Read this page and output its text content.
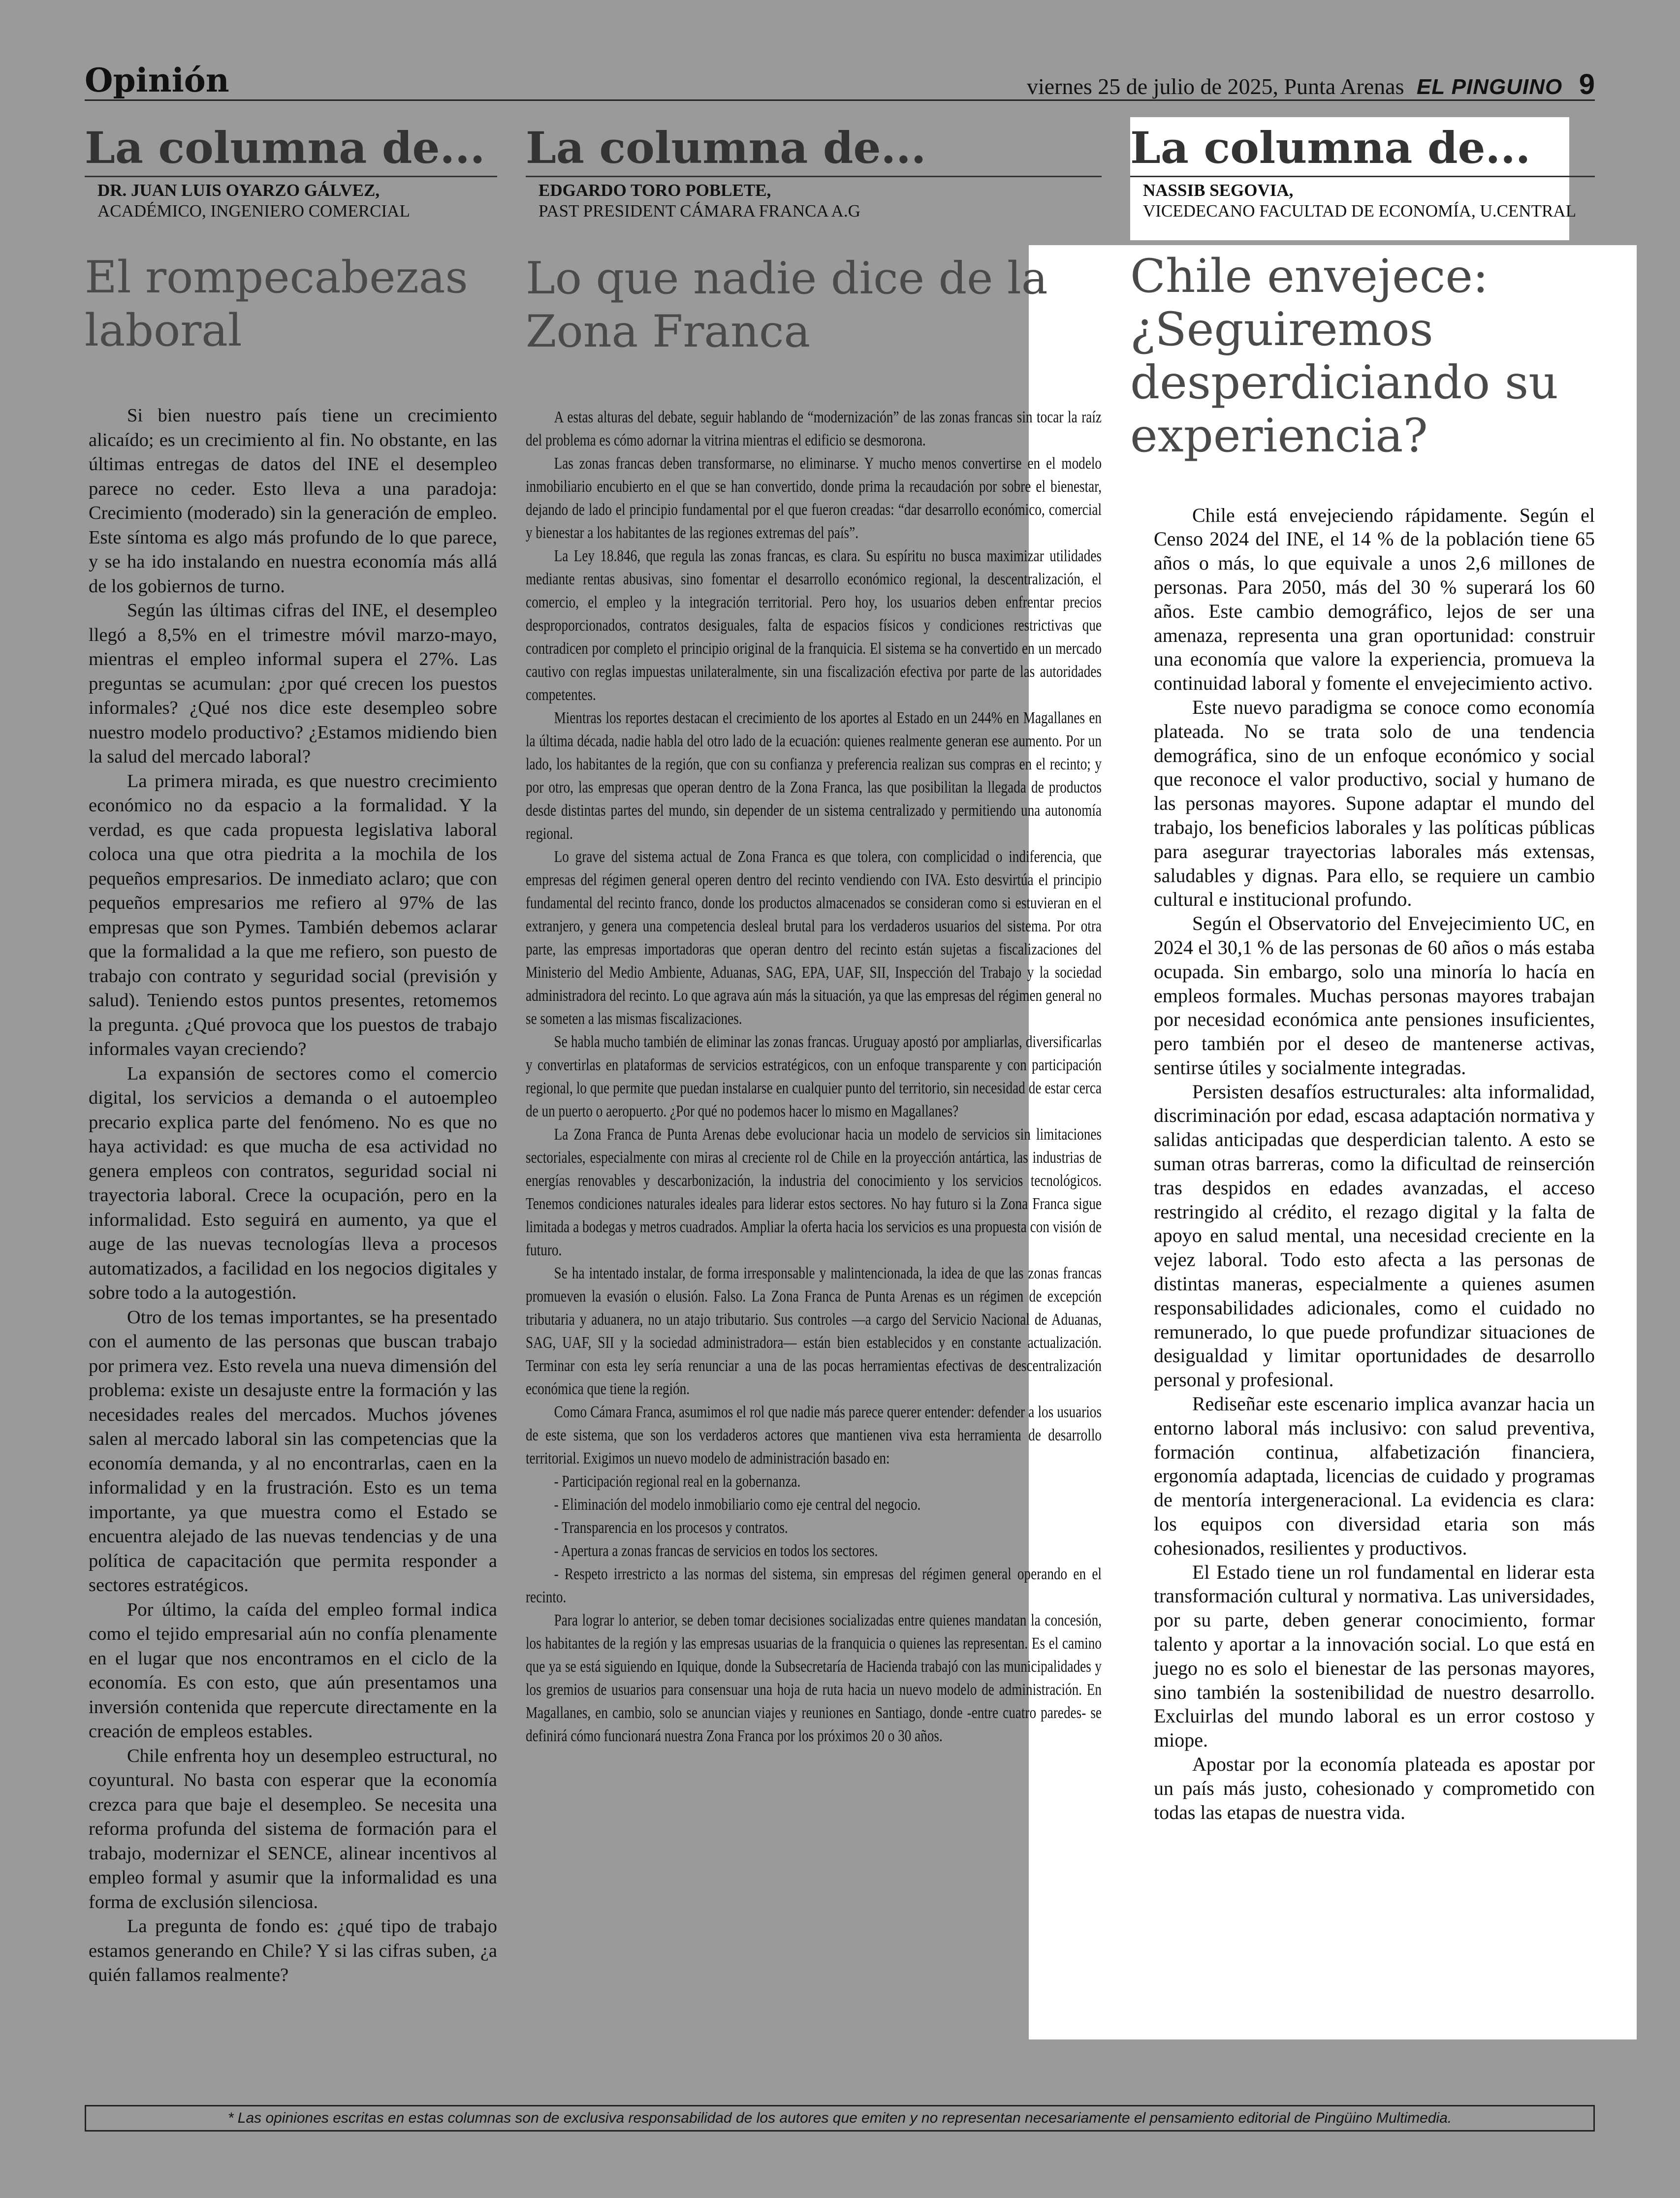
Opinión	viernes 25 de julio de 2025, Punta Arenas EL PINGUINO 9
La columna de...
DR. JUAN LUIS OYARZO GÁLVEZ,
ACADÉMICO, INGENIERO COMERCIAL
El rompecabezas laboral

Si bien nuestro país tiene un crecimiento alicaído; es un crecimiento al fin. No obstante, en las últimas entregas de datos del INE el desempleo parece no ceder. Esto lleva a una paradoja: Crecimiento (moderado) sin la generación de empleo. Este síntoma es algo más profundo de lo que parece, y se ha ido instalando en nuestra economía más allá de los gobiernos de turno.

Según las últimas cifras del INE, el desempleo llegó a 8,5% en el trimestre móvil marzo-mayo, mientras el empleo informal supera el 27%. Las preguntas se acumulan: ¿por qué crecen los puestos informales? ¿Qué nos dice este desempleo sobre nuestro modelo productivo? ¿Estamos midiendo bien la salud del mercado laboral?

La primera mirada, es que nuestro crecimiento económico no da espacio a la formalidad. Y la verdad, es que cada propuesta legislativa laboral coloca una que otra piedrita a la mochila de los pequeños empresarios. De inmediato aclaro; que con pequeños empresarios me refiero al 97% de las empresas que son Pymes. También debemos aclarar que la formalidad a la que me refiero, son puesto de trabajo con contrato y seguridad social (previsión y salud). Teniendo estos puntos presentes, retomemos la pregunta. ¿Qué provoca que los puestos de trabajo informales vayan creciendo?

La expansión de sectores como el comercio digital, los servicios a demanda o el autoempleo precario explica parte del fenómeno. No es que no haya actividad: es que mucha de esa actividad no genera empleos con contratos, seguridad social ni trayectoria laboral. Crece la ocupación, pero en la informalidad. Esto seguirá en aumento, ya que el auge de las nuevas tecnologías lleva a procesos automatizados, a facilidad en los negocios digitales y sobre todo a la autogestión.

Otro de los temas importantes, se ha presentado con el aumento de las personas que buscan trabajo por primera vez. Esto revela una nueva dimensión del problema: existe un desajuste entre la formación y las necesidades reales del mercados. Muchos jóvenes salen al mercado laboral sin las competencias que la economía demanda, y al no encontrarlas, caen en la informalidad y en la frustración. Esto es un tema importante, ya que muestra como el Estado se encuentra alejado de las nuevas tendencias y de una política de capacitación que permita responder a sectores estratégicos.

Por último, la caída del empleo formal indica como el tejido empresarial aún no confía plenamente en el lugar que nos encontramos en el ciclo de la economía. Es con esto, que aún presentamos una inversión contenida que repercute directamente en la creación de empleos estables.

Chile enfrenta hoy un desempleo estructural, no coyuntural. No basta con esperar que la economía crezca para que baje el desempleo. Se necesita una reforma profunda del sistema de formación para el trabajo, modernizar el SENCE, alinear incentivos al empleo formal y asumir que la informalidad es una forma de exclusión silenciosa.

La pregunta de fondo es: ¿qué tipo de trabajo estamos generando en Chile? Y si las cifras suben, ¿a quién fallamos realmente?

La columna de...
EDGARDO TORO POBLETE,
PAST PRESIDENT CÁMARA FRANCA A.G
Lo que nadie dice de la Zona Franca

A estas alturas del debate, seguir hablando de “modernización” de las zonas francas sin tocar la raíz del problema es cómo adornar la vitrina mientras el edificio se desmorona.

Las zonas francas deben transformarse, no eliminarse. Y mucho menos convertirse en el modelo inmobiliario encubierto en el que se han convertido, donde prima la recaudación por sobre el bienestar, dejando de lado el principio fundamental por el que fueron creadas: “dar desarrollo económico, comercial y bienestar a los habitantes de las regiones extremas del país”.

La Ley 18.846, que regula las zonas francas, es clara. Su espíritu no busca maximizar utilidades mediante rentas abusivas, sino fomentar el desarrollo económico regional, la descentralización, el comercio, el empleo y la integración territorial. Pero hoy, los usuarios deben enfrentar precios desproporcionados, contratos desiguales, falta de espacios físicos y condiciones restrictivas que contradicen por completo el principio original de la franquicia. El sistema se ha convertido en un mercado cautivo con reglas impuestas unilateralmente, sin una fiscalización efectiva por parte de las autoridades competentes.

Mientras los reportes destacan el crecimiento de los aportes al Estado en un 244% en Magallanes en la última década, nadie habla del otro lado de la ecuación: quienes realmente generan ese aumento. Por un lado, los habitantes de la región, que con su confianza y preferencia realizan sus compras en el recinto; y por otro, las empresas que operan dentro de la Zona Franca, las que posibilitan la llegada de productos desde distintas partes del mundo, sin depender de un sistema centralizado y permitiendo una autonomía regional.

Lo grave del sistema actual de Zona Franca es que tolera, con complicidad o indiferencia, que empresas del régimen general operen dentro del recinto vendiendo con IVA. Esto desvirtúa el principio fundamental del recinto franco, donde los productos almacenados se consideran como si estuvieran en el extranjero, y genera una competencia desleal brutal para los verdaderos usuarios del sistema. Por otra parte, las empresas importadoras que operan dentro del recinto están sujetas a fiscalizaciones del Ministerio del Medio Ambiente, Aduanas, SAG, EPA, UAF, SII, Inspección del Trabajo y la sociedad administradora del recinto. Lo que agrava aún más la situación, ya que las empresas del régimen general no se someten a las mismas fiscalizaciones.

Se habla mucho también de eliminar las zonas francas. Uruguay apostó por ampliarlas, diversificarlas y convertirlas en plataformas de servicios estratégicos, con un enfoque transparente y con participación regional, lo que permite que puedan instalarse en cualquier punto del territorio, sin necesidad de estar cerca de un puerto o aeropuerto. ¿Por qué no podemos hacer lo mismo en Magallanes?

La Zona Franca de Punta Arenas debe evolucionar hacia un modelo de servicios sin limitaciones sectoriales, especialmente con miras al creciente rol de Chile en la proyección antártica, las industrias de energías renovables y descarbonización, la industria del conocimiento y los servicios tecnológicos. Tenemos condiciones naturales ideales para liderar estos sectores. No hay futuro si la Zona Franca sigue limitada a bodegas y metros cuadrados. Ampliar la oferta hacia los servicios es una propuesta con visión de futuro.

Se ha intentado instalar, de forma irresponsable y malintencionada, la idea de que las zonas francas promueven la evasión o elusión. Falso. La Zona Franca de Punta Arenas es un régimen de excepción tributaria y aduanera, no un atajo tributario. Sus controles —a cargo del Servicio Nacional de Aduanas, SAG, UAF, SII y la sociedad administradora— están bien establecidos y en constante actualización. Terminar con esta ley sería renunciar a una de las pocas herramientas efectivas de descentralización económica que tiene la región.

Como Cámara Franca, asumimos el rol que nadie más parece querer entender: defender a los usuarios de este sistema, que son los verdaderos actores que mantienen viva esta herramienta de desarrollo territorial. Exigimos un nuevo modelo de administración basado en:

- Participación regional real en la gobernanza.

- Eliminación del modelo inmobiliario como eje central del negocio.

- Transparencia en los procesos y contratos.

- Apertura a zonas francas de servicios en todos los sectores.

- Respeto irrestricto a las normas del sistema, sin empresas del régimen general operando en el recinto.

Para lograr lo anterior, se deben tomar decisiones socializadas entre quienes mandatan la concesión, los habitantes de la región y las empresas usuarias de la franquicia o quienes las representan. Es el camino que ya se está siguiendo en Iquique, donde la Subsecretaría de Hacienda trabajó con las municipalidades y los gremios de usuarios para consensuar una hoja de ruta hacia un nuevo modelo de administración. En Magallanes, en cambio, solo se anuncian viajes y reuniones en Santiago, donde -entre cuatro paredes- se definirá cómo funcionará nuestra Zona Franca por los próximos 20 o 30 años.

La columna de...
NASSIB SEGOVIA,
VICEDECANO FACULTAD DE ECONOMÍA, U.CENTRAL
Chile envejece: ¿Seguiremos desperdiciando su experiencia?

Chile está envejeciendo rápidamente. Según el Censo 2024 del INE, el 14 % de la población tiene 65 años o más, lo que equivale a unos 2,6 millones de personas. Para 2050, más del 30 % superará los 60 años. Este cambio demográfico, lejos de ser una amenaza, representa una gran oportunidad: construir una economía que valore la experiencia, promueva la continuidad laboral y fomente el envejecimiento activo.

Este nuevo paradigma se conoce como economía plateada. No se trata solo de una tendencia demográfica, sino de un enfoque económico y social que reconoce el valor productivo, social y humano de las personas mayores. Supone adaptar el mundo del trabajo, los beneficios laborales y las políticas públicas para asegurar trayectorias laborales más extensas, saludables y dignas. Para ello, se requiere un cambio cultural e institucional profundo.

Según el Observatorio del Envejecimiento UC, en 2024 el 30,1 % de las personas de 60 años o más estaba ocupada. Sin embargo, solo una minoría lo hacía en empleos formales. Muchas personas mayores trabajan por necesidad económica ante pensiones insuficientes, pero también por el deseo de mantenerse activas, sentirse útiles y socialmente integradas.

Persisten desafíos estructurales: alta informalidad, discriminación por edad, escasa adaptación normativa y salidas anticipadas que desperdician talento. A esto se suman otras barreras, como la dificultad de reinserción tras despidos en edades avanzadas, el acceso restringido al crédito, el rezago digital y la falta de apoyo en salud mental, una necesidad creciente en la vejez laboral. Todo esto afecta a las personas de distintas maneras, especialmente a quienes asumen responsabilidades adicionales, como el cuidado no remunerado, lo que puede profundizar situaciones de desigualdad y limitar oportunidades de desarrollo personal y profesional.

Rediseñar este escenario implica avanzar hacia un entorno laboral más inclusivo: con salud preventiva, formación continua, alfabetización financiera, ergonomía adaptada, licencias de cuidado y programas de mentoría intergeneracional. La evidencia es clara: los equipos con diversidad etaria son más cohesionados, resilientes y productivos.

El Estado tiene un rol fundamental en liderar esta transformación cultural y normativa. Las universidades, por su parte, deben generar conocimiento, formar talento y aportar a la innovación social. Lo que está en juego no es solo el bienestar de las personas mayores, sino también la sostenibilidad de nuestro desarrollo. Excluirlas del mundo laboral es un error costoso y miope.

Apostar por la economía plateada es apostar por un país más justo, cohesionado y comprometido con todas las etapas de nuestra vida.

* Las opiniones escritas en estas columnas son de exclusiva responsabilidad de los autores que emiten y no representan necesariamente el pensamiento editorial de Pingüino Multimedia.
